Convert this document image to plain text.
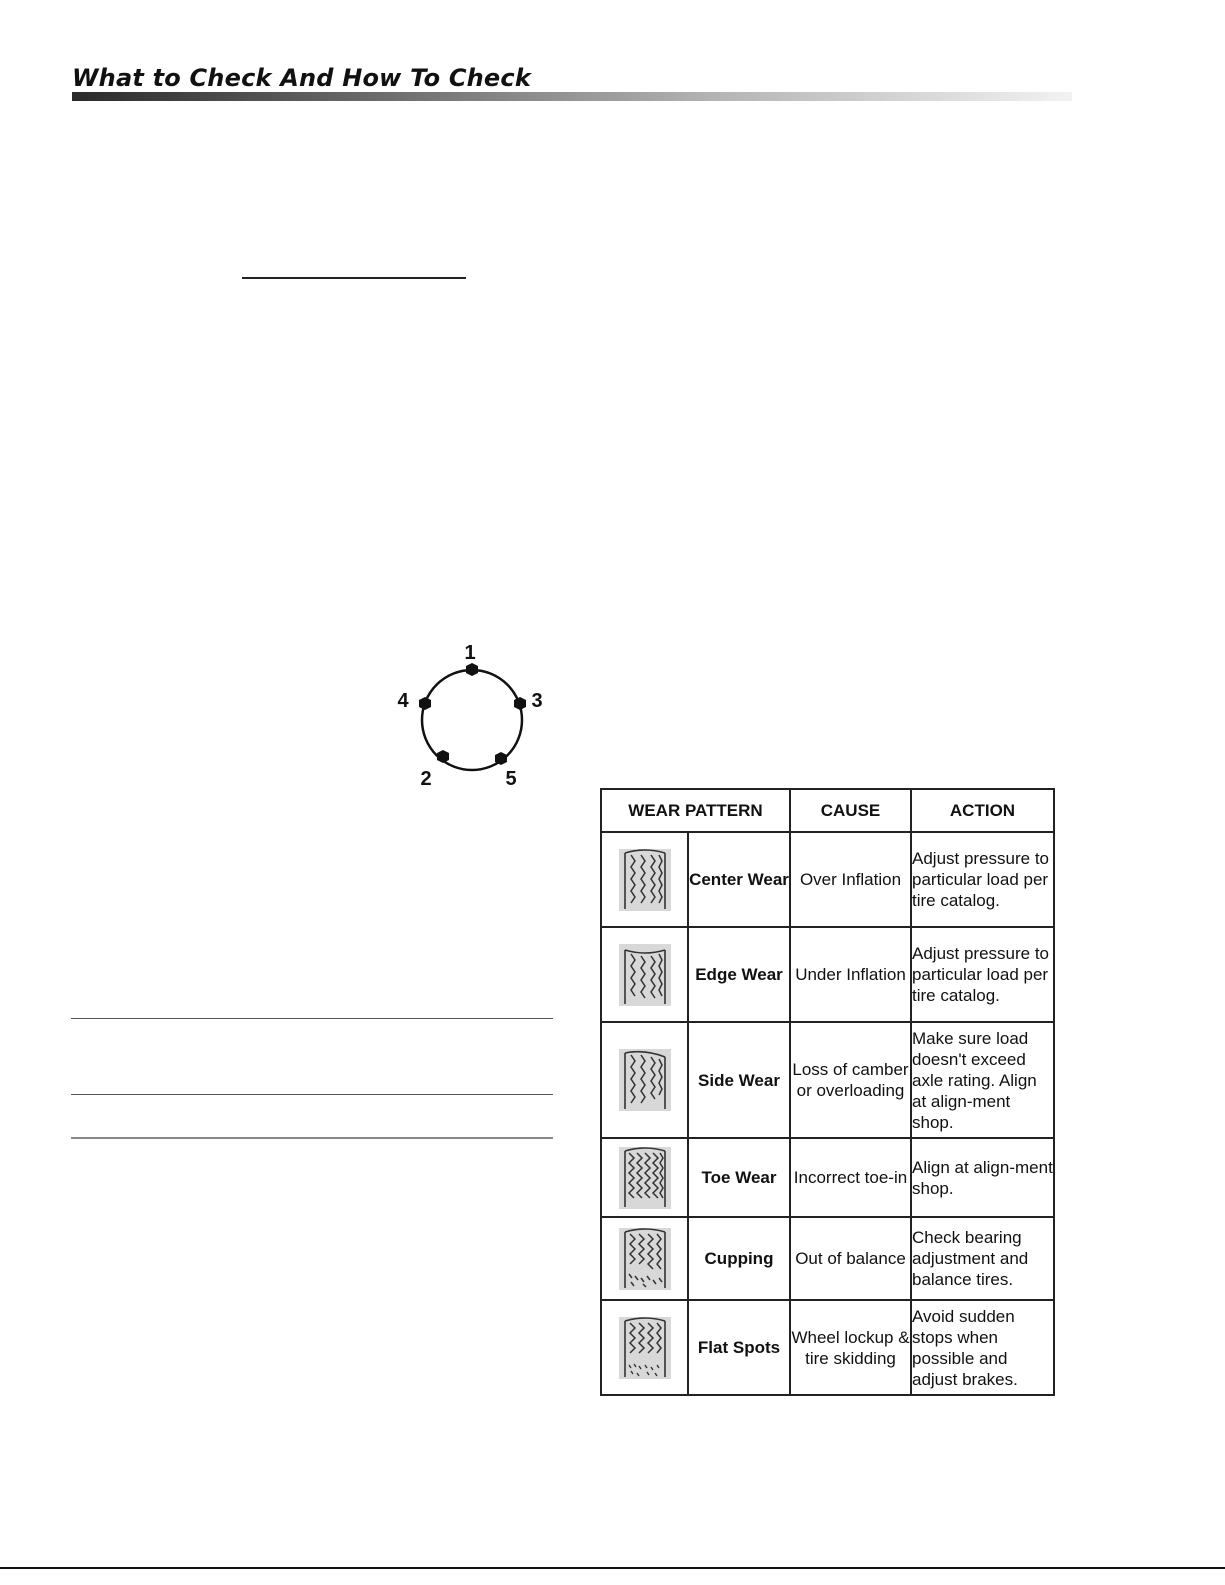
What to Check And How To Check
1
4	3
2	5
WEAR PATTERN		CAUSE	ACTION
	Center Wear	Over Inflation	Adjust pressure to particular load per tire catalog.
	Edge Wear	Under Inflation	Adjust pressure to particular load per tire catalog.
	Side Wear	Loss of camber or overloading	Make sure load doesn't exceed axle rating. Align at align-ment shop.
	Toe Wear	Incorrect toe-in	Align at align-ment shop.
	Cupping	Out of balance	Check bearing adjustment and balance tires.
	Flat Spots	Wheel lockup & tire skidding	Avoid sudden stops when possible and adjust brakes.
